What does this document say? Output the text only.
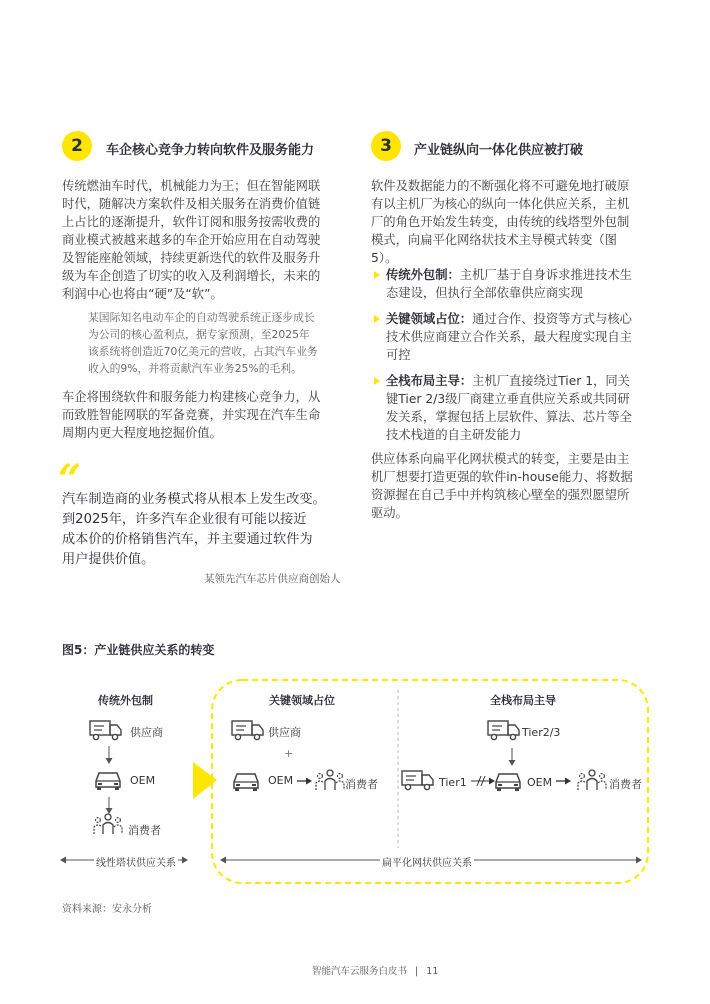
2	车企核心竞争力转向软件及服务能力
传统燃油车时代，机械能力为王；但在智能网联
时代，随解决方案软件及相关服务在消费价值链
上占比的逐渐提升，软件订阅和服务按需收费的
商业模式被越来越多的车企开始应用在自动驾驶
及智能座舱领域，持续更新迭代的软件及服务升
级为车企创造了切实的收入及利润增长，未来的
利润中心也将由“硬”及“软”。
某国际知名电动车企的自动驾驶系统正逐步成长
为公司的核心盈利点，据专家预测，至2025年
该系统将创造近70亿美元的营收，占其汽车业务
收入的9%，并将贡献汽车业务25%的毛利。
车企将围绕软件和服务能力构建核心竞争力，从
而致胜智能网联的军备竞赛，并实现在汽车生命
周期内更大程度地挖掘价值。
“
汽车制造商的业务模式将从根本上发生改变。
到2025年，许多汽车企业很有可能以接近
成本价的价格销售汽车，并主要通过软件为
用户提供价值。
某领先汽车芯片供应商创始人
3	产业链纵向一体化供应被打破
软件及数据能力的不断强化将不可避免地打破原
有以主机厂为核心的纵向一体化供应关系，主机
厂的角色开始发生转变，由传统的线塔型外包制
模式，向扁平化网络状技术主导模式转变（图
5）。
传统外包制：主机厂基于自身诉求推进技术生
态建设，但执行全部依靠供应商实现
关键领域占位：通过合作、投资等方式与核心
技术供应商建立合作关系，最大程度实现自主
可控
全栈布局主导：主机厂直接绕过Tier 1，同关
键Tier 2/3级厂商建立垂直供应关系或共同研
发关系，掌握包括上层软件、算法、芯片等全
技术栈道的自主研发能力
供应体系向扁平化网状模式的转变，主要是由主
机厂想要打造更强的软件in-house能力、将数据
资源握在自己手中并构筑核心壁垒的强烈愿望所
驱动。
图5：产业链供应关系的转变
传统外包制	关键领域占位	全栈布局主导
供应商
OEM
消费者
供应商
+
OEM	消费者
Tier2/3
Tier1	OEM	消费者
线性塔状供应关系	扁平化网状供应关系
资料来源：安永分析
智能汽车云服务白皮书 | 11
